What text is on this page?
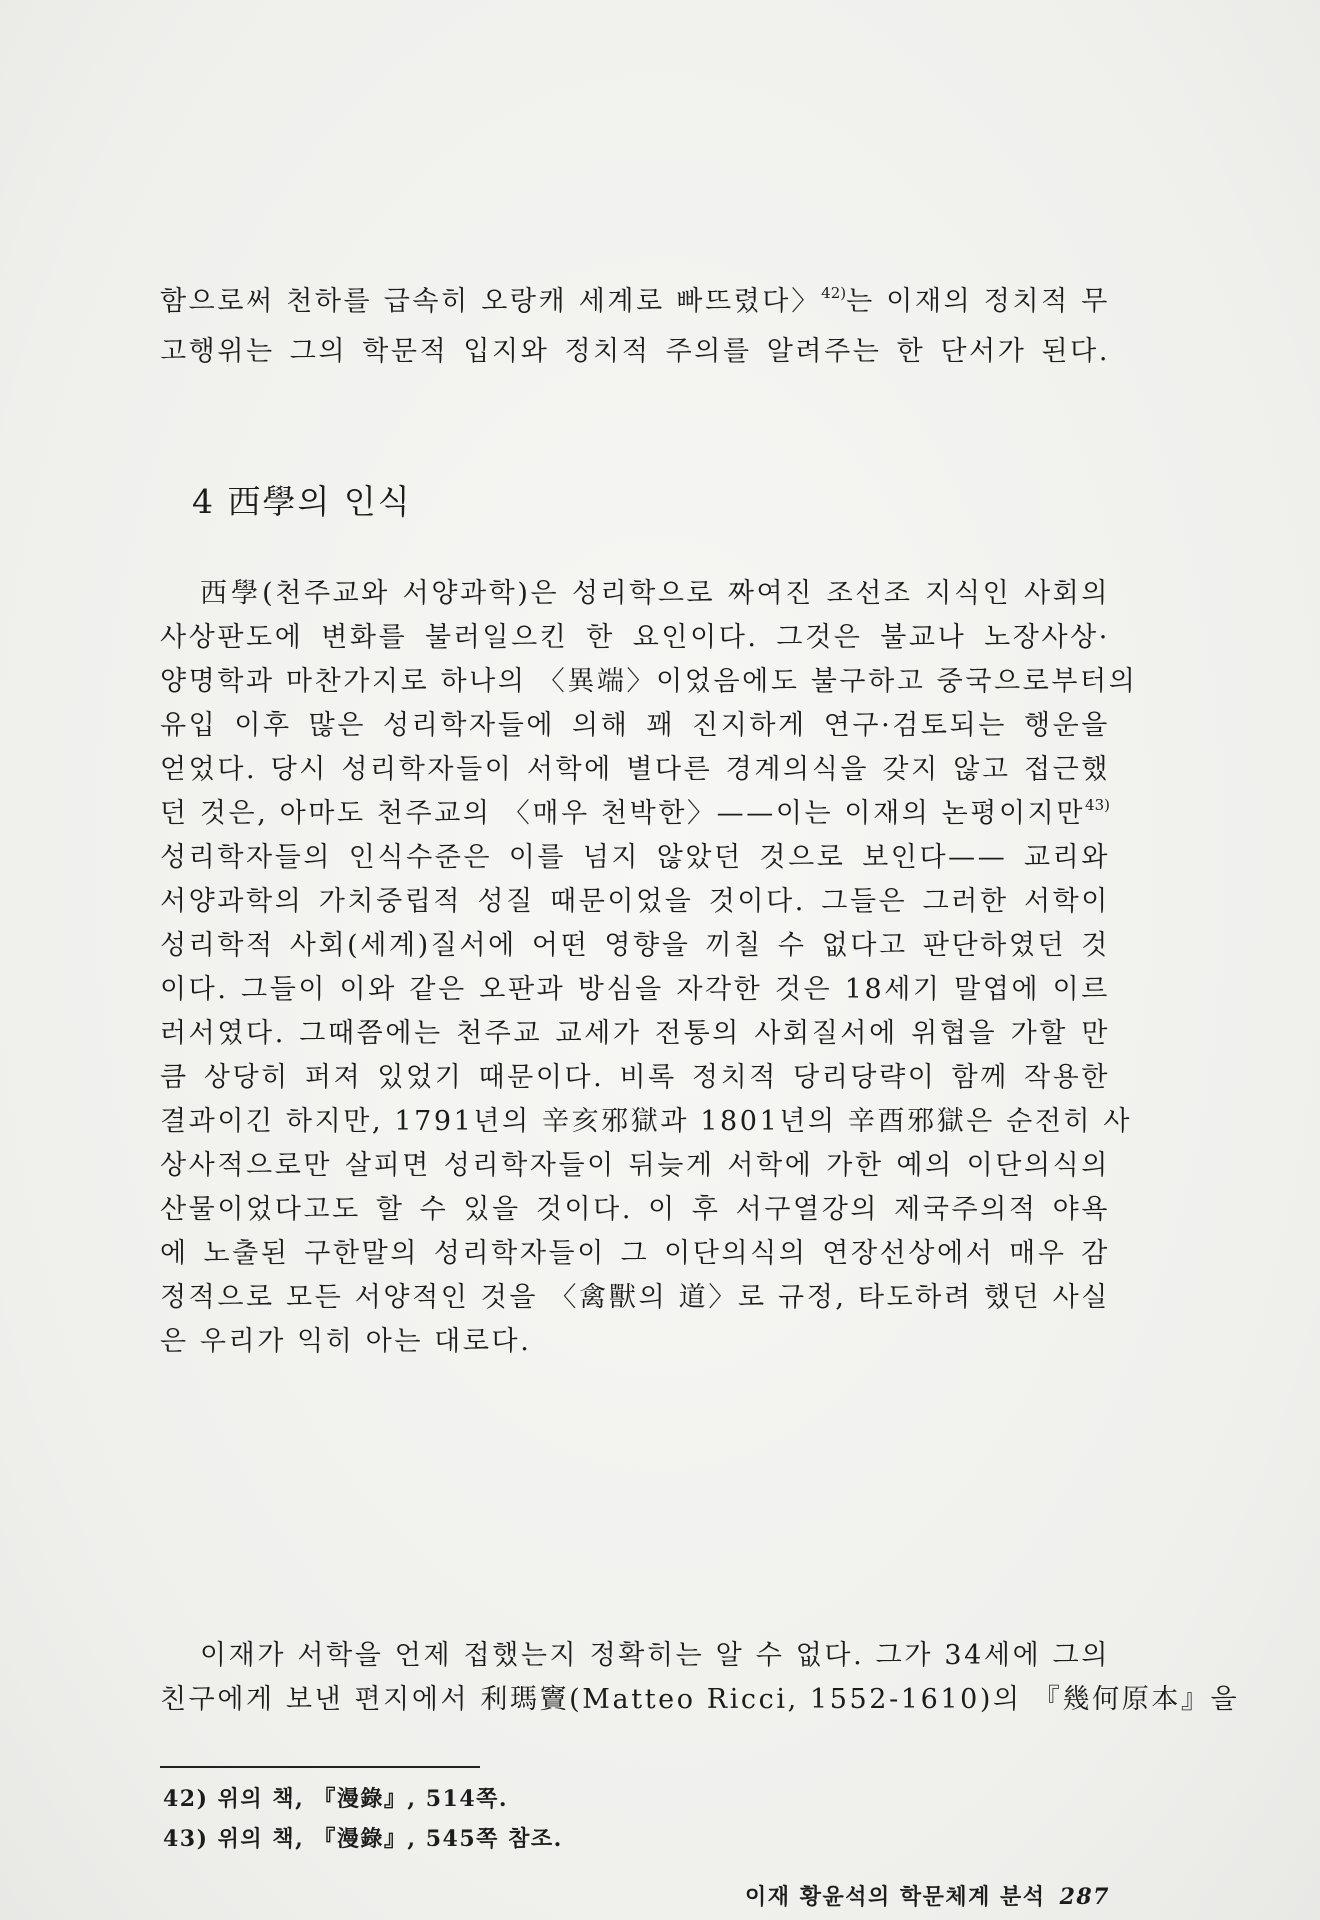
함으로써 천하를 급속히 오랑캐 세계로 빠뜨렸다〉$^{42)}$는 이재의 정치적 무
고행위는 그의 학문적 입지와 정치적 주의를 알려주는 한 단서가 된다.
4 西學의 인식
西學(천주교와 서양과학)은 성리학으로 짜여진 조선조 지식인 사회의
사상판도에 변화를 불러일으킨 한 요인이다. 그것은 불교나 노장사상·
양명학과 마찬가지로 하나의 〈異端〉이었음에도 불구하고 중국으로부터의
유입 이후 많은 성리학자들에 의해 꽤 진지하게 연구·검토되는 행운을
얻었다. 당시 성리학자들이 서학에 별다른 경계의식을 갖지 않고 접근했
던 것은, 아마도 천주교의 〈매우 천박한〉——이는 이재의 논평이지만$^{43)}$
성리학자들의 인식수준은 이를 넘지 않았던 것으로 보인다—— 교리와
서양과학의 가치중립적 성질 때문이었을 것이다. 그들은 그러한 서학이
성리학적 사회(세계)질서에 어떤 영향을 끼칠 수 없다고 판단하였던 것
이다. 그들이 이와 같은 오판과 방심을 자각한 것은 18세기 말엽에 이르
러서였다. 그때쯤에는 천주교 교세가 전통의 사회질서에 위협을 가할 만
큼 상당히 퍼져 있었기 때문이다. 비록 정치적 당리당략이 함께 작용한
결과이긴 하지만, 1791년의 辛亥邪獄과 1801년의 辛酉邪獄은 순전히 사
상사적으로만 살피면 성리학자들이 뒤늦게 서학에 가한 예의 이단의식의
산물이었다고도 할 수 있을 것이다. 이 후 서구열강의 제국주의적 야욕
에 노출된 구한말의 성리학자들이 그 이단의식의 연장선상에서 매우 감
정적으로 모든 서양적인 것을 〈禽獸의 道〉로 규정, 타도하려 했던 사실
은 우리가 익히 아는 대로다.
이재가 서학을 언제 접했는지 정확히는 알 수 없다. 그가 34세에 그의
친구에게 보낸 편지에서 利瑪竇(Matteo Ricci, 1552-1610)의 『幾何原本』을
42) 위의 책, 『漫錄』, 514쪽.
43) 위의 책, 『漫錄』, 545쪽 참조.
이재 황윤석의 학문체계 분석 287
